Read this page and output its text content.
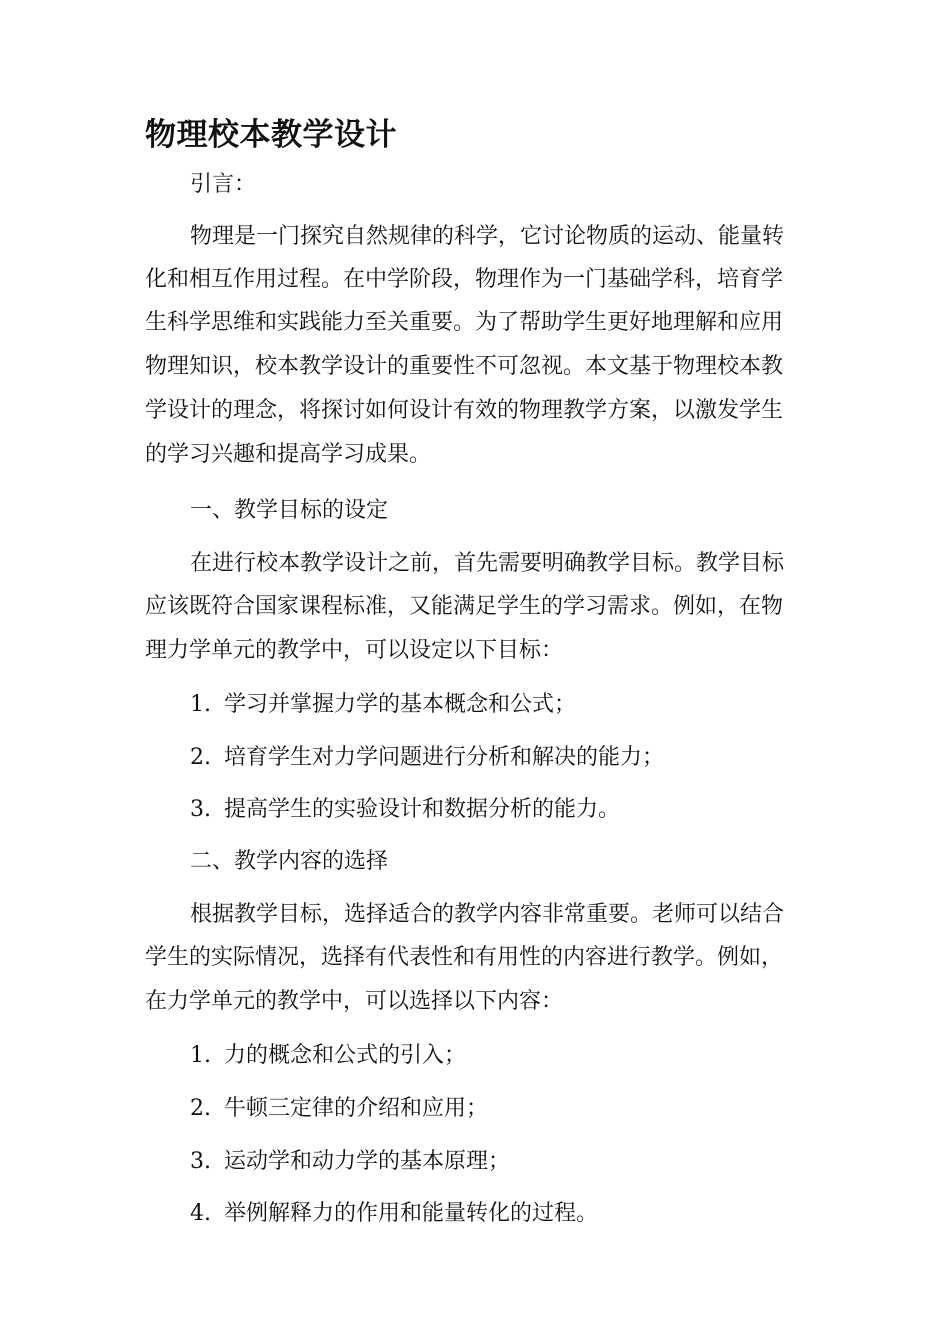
物理校本教学设计
引言：
物理是一门探究自然规律的科学，它讨论物质的运动、能量转
化和相互作用过程。在中学阶段，物理作为一门基础学科，培育学
生科学思维和实践能力至关重要。为了帮助学生更好地理解和应用
物理知识，校本教学设计的重要性不可忽视。本文基于物理校本教
学设计的理念，将探讨如何设计有效的物理教学方案，以激发学生
的学习兴趣和提高学习成果。
一、教学目标的设定
在进行校本教学设计之前，首先需要明确教学目标。教学目标
应该既符合国家课程标准，又能满足学生的学习需求。例如，在物
理力学单元的教学中，可以设定以下目标：
1. 学习并掌握力学的基本概念和公式；
2. 培育学生对力学问题进行分析和解决的能力；
3. 提高学生的实验设计和数据分析的能力。
二、教学内容的选择
根据教学目标，选择适合的教学内容非常重要。老师可以结合
学生的实际情况，选择有代表性和有用性的内容进行教学。例如，
在力学单元的教学中，可以选择以下内容：
1. 力的概念和公式的引入；
2. 牛顿三定律的介绍和应用；
3. 运动学和动力学的基本原理；
4. 举例解释力的作用和能量转化的过程。
